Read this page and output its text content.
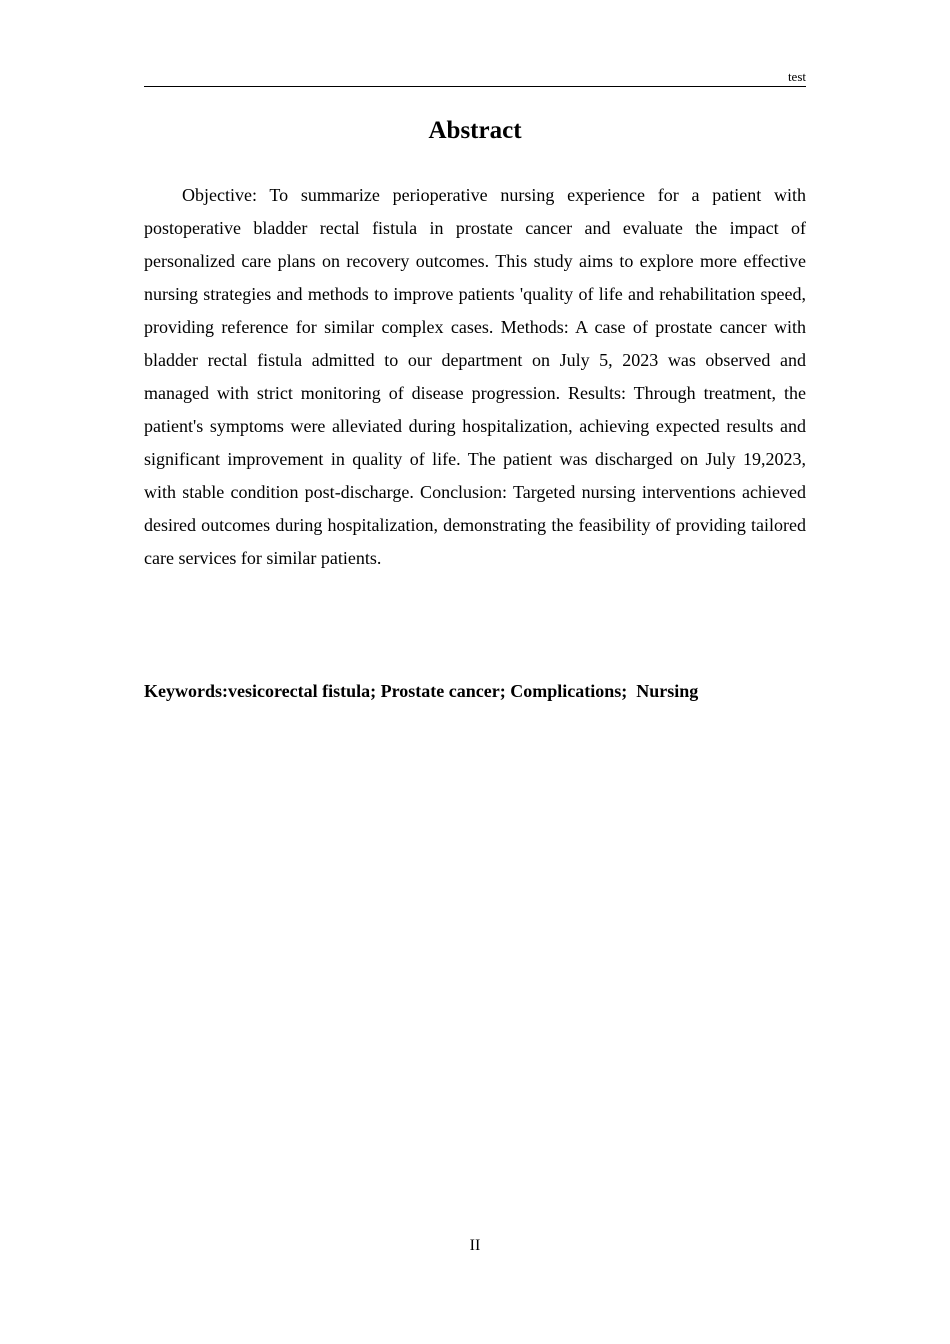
test
Abstract

Objective: To summarize perioperative nursing experience for a patient with postoperative bladder rectal fistula in prostate cancer and evaluate the impact of personalized care plans on recovery outcomes. This study aims to explore more effective nursing strategies and methods to improve patients 'quality of life and rehabilitation speed, providing reference for similar complex cases. Methods: A case of prostate cancer with bladder rectal fistula admitted to our department on July 5, 2023 was observed and managed with strict monitoring of disease progression. Results: Through treatment, the patient's symptoms were alleviated during hospitalization, achieving expected results and significant improvement in quality of life. The patient was discharged on July 19,2023, with stable condition post-discharge. Conclusion: Targeted nursing interventions achieved desired outcomes during hospitalization, demonstrating the feasibility of providing tailored care services for similar patients.

Keywords:vesicorectal fistula; Prostate cancer; Complications;  Nursing

II
